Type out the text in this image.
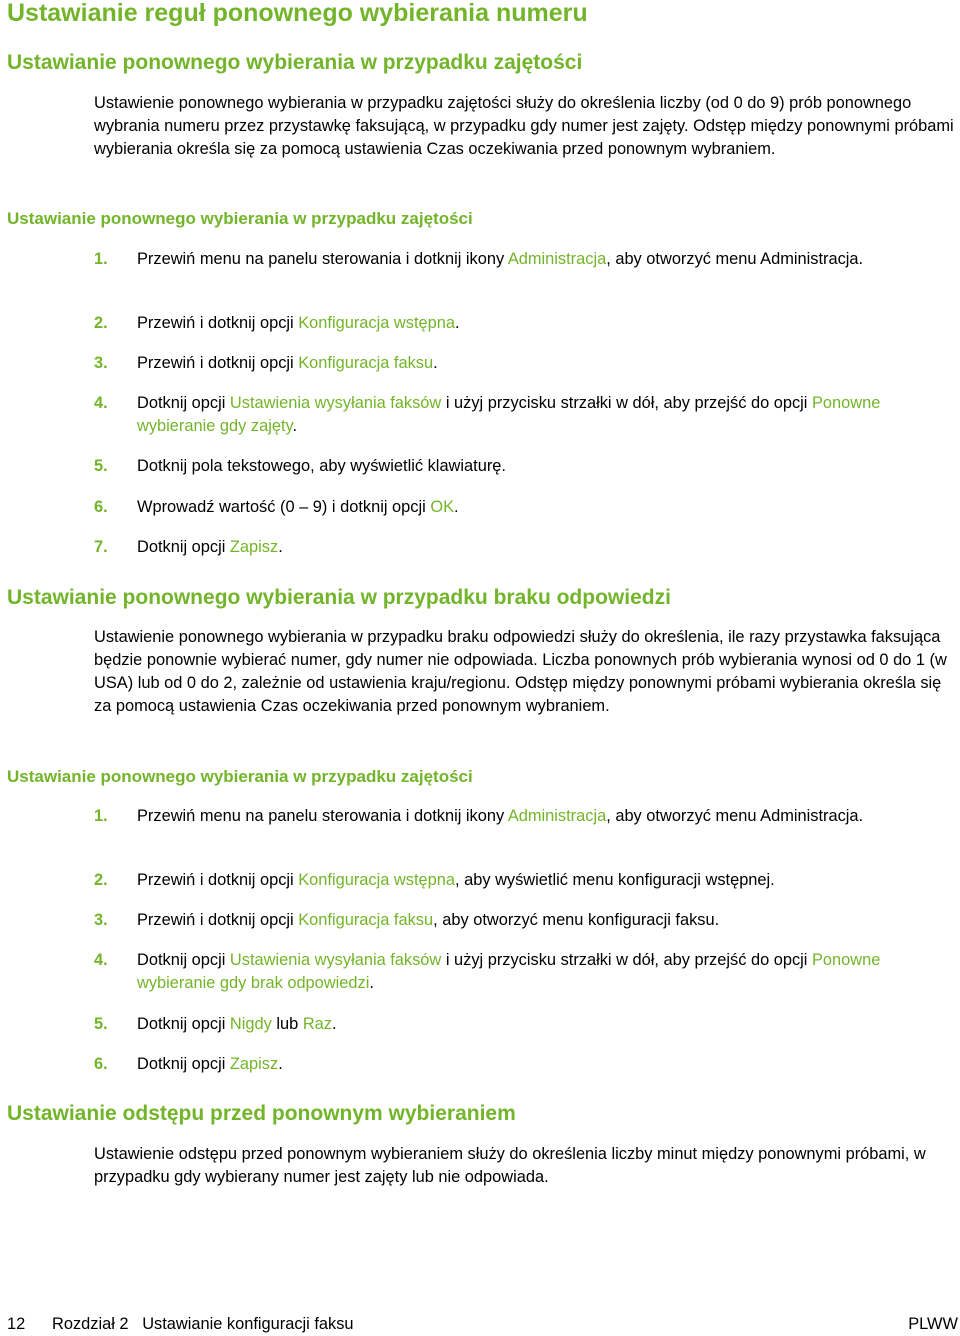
Ustawianie reguł ponownego wybierania numeru
Ustawianie ponownego wybierania w przypadku zajętości

Ustawienie ponownego wybierania w przypadku zajętości służy do określenia liczby (od 0 do 9) prób ponownego wybrania numeru przez przystawkę faksującą, w przypadku gdy numer jest zajęty. Odstęp między ponownymi próbami wybierania określa się za pomocą ustawienia Czas oczekiwania przed ponownym wybraniem.

Ustawianie ponownego wybierania w przypadku zajętości
1.	Przewiń menu na panelu sterowania i dotknij ikony Administracja, aby otworzyć menu Administracja.
2.	Przewiń i dotknij opcji Konfiguracja wstępna.
3.	Przewiń i dotknij opcji Konfiguracja faksu.
4.	Dotknij opcji Ustawienia wysyłania faksów i użyj przycisku strzałki w dół, aby przejść do opcji Ponowne wybieranie gdy zajęty.
5.	Dotknij pola tekstowego, aby wyświetlić klawiaturę.
6.	Wprowadź wartość (0 – 9) i dotknij opcji OK.
7.	Dotknij opcji Zapisz.
Ustawianie ponownego wybierania w przypadku braku odpowiedzi

Ustawienie ponownego wybierania w przypadku braku odpowiedzi służy do określenia, ile razy przystawka faksująca będzie ponownie wybierać numer, gdy numer nie odpowiada. Liczba ponownych prób wybierania wynosi od 0 do 1 (w USA) lub od 0 do 2, zależnie od ustawienia kraju/regionu. Odstęp między ponownymi próbami wybierania określa się za pomocą ustawienia Czas oczekiwania przed ponownym wybraniem.

Ustawianie ponownego wybierania w przypadku zajętości
1.	Przewiń menu na panelu sterowania i dotknij ikony Administracja, aby otworzyć menu Administracja.
2.	Przewiń i dotknij opcji Konfiguracja wstępna, aby wyświetlić menu konfiguracji wstępnej.
3.	Przewiń i dotknij opcji Konfiguracja faksu, aby otworzyć menu konfiguracji faksu.
4.	Dotknij opcji Ustawienia wysyłania faksów i użyj przycisku strzałki w dół, aby przejść do opcji Ponowne wybieranie gdy brak odpowiedzi.
5.	Dotknij opcji Nigdy lub Raz.
6.	Dotknij opcji Zapisz.
Ustawianie odstępu przed ponownym wybieraniem

Ustawienie odstępu przed ponownym wybieraniem służy do określenia liczby minut między ponownymi próbami, w przypadku gdy wybierany numer jest zajęty lub nie odpowiada.

12 Rozdział 2   Ustawianie konfiguracji faksu	PLWW
